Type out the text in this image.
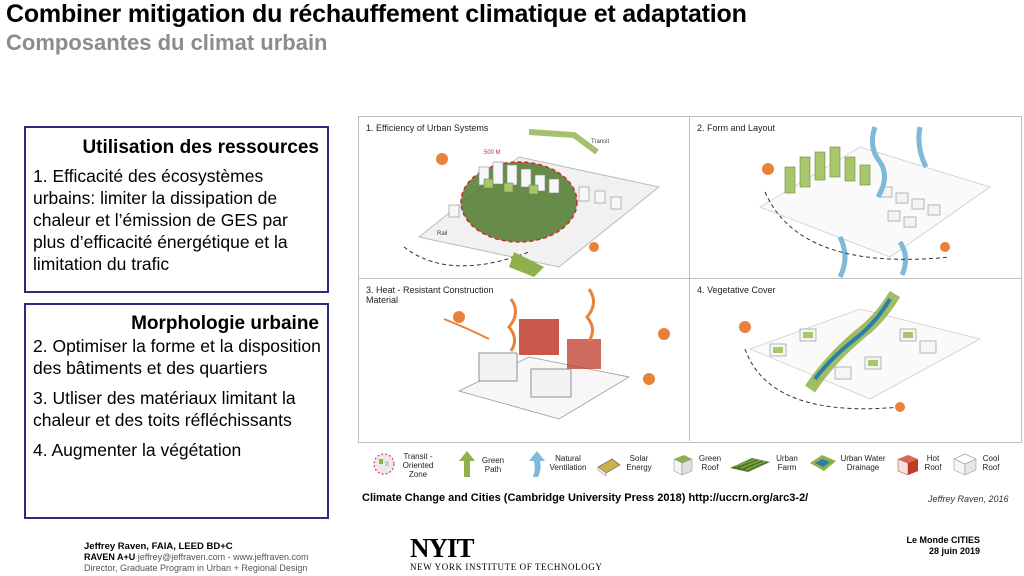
Combiner mitigation du réchauffement climatique et adaptation
Composantes du climat urbain
Utilisation des ressources
1. Efficacité des écosystèmes urbains: limiter la dissipation de chaleur et l’émission de GES par plus d’efficacité énergétique et la limitation du trafic
Morphologie urbaine
2. Optimiser la forme et la disposition des bâtiments et des quartiers
3. Utliser des matériaux limitant la chaleur et des toits réfléchissants
4. Augmenter la végétation
1. Efficiency of Urban Systems
500 M
Transit
Rail
2. Form and Layout
3. Heat - Resistant Construction Material
4. Vegetative Cover
Transit - Oriented Zone
Green Path
Natural Ventilation
Solar Energy
Green Roof
Urban Farm
Urban Water Drainage
Hot Roof
Cool Roof
Climate Change and Cities (Cambridge University Press 2018) http://uccrn.org/arc3-2/	Jeffrey Raven, 2016
Jeffrey Raven, FAIA, LEED BD+C
RAVEN A+U jeffrey@jeffraven.com - www.jeffraven.com
Director, Graduate Program in Urban + Regional Design
NYIT
NEW YORK INSTITUTE OF TECHNOLOGY
Le Monde CITIES
28 juin 2019
